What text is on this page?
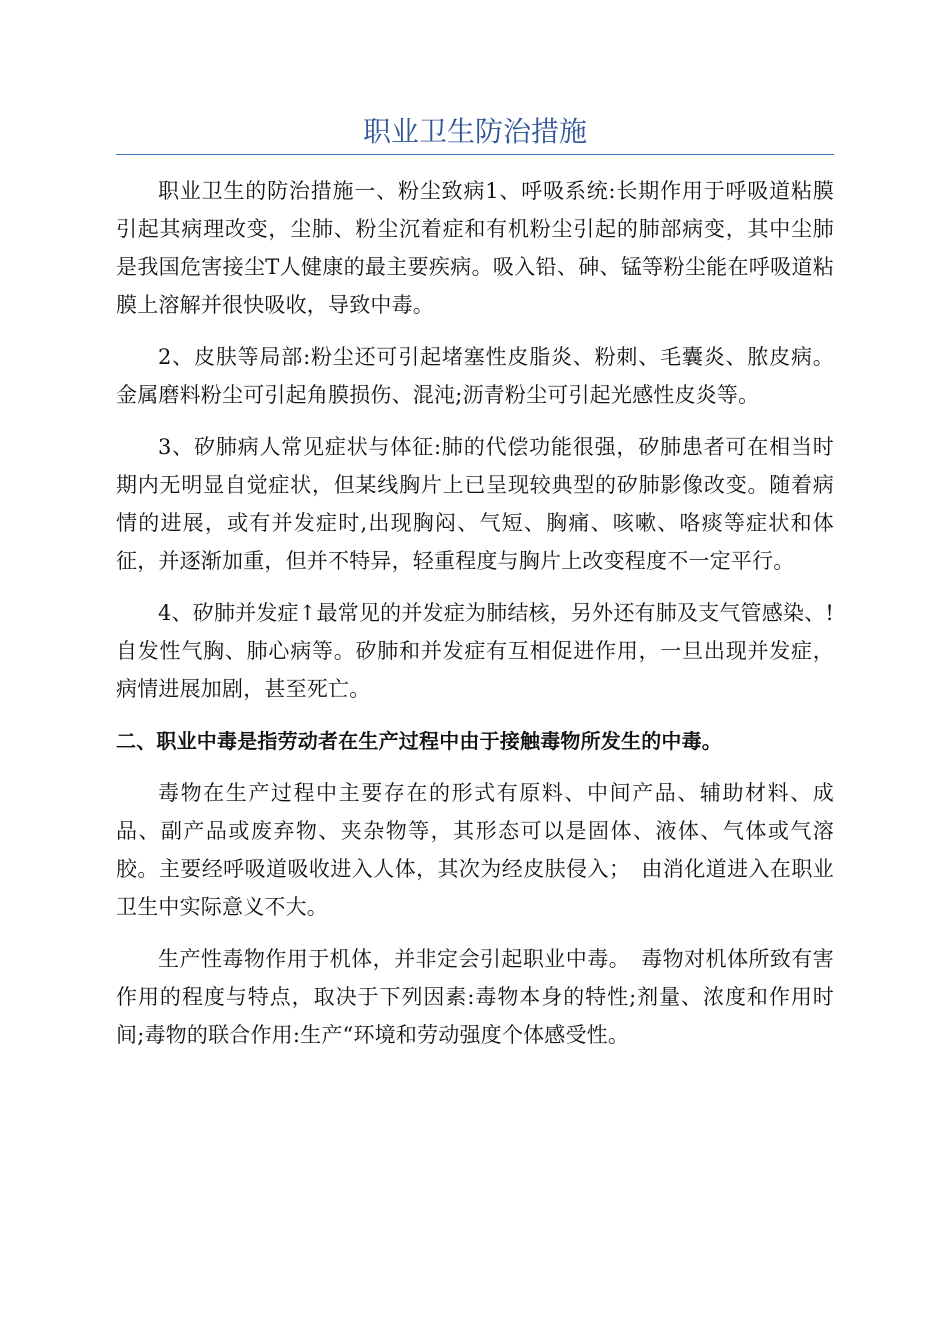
职业卫生防治措施

职业卫生的防治措施一、粉尘致病1、呼吸系统:长期作用于呼吸道粘膜引起其病理改变，尘肺、粉尘沉着症和有机粉尘引起的肺部病变，其中尘肺是我国危害接尘T人健康的最主要疾病。吸入铅、砷、锰等粉尘能在呼吸道粘膜上溶解并很快吸收，导致中毒。

2、皮肤等局部:粉尘还可引起堵塞性皮脂炎、粉刺、毛囊炎、脓皮病。金属磨料粉尘可引起角膜损伤、混沌;沥青粉尘可引起光感性皮炎等。

3、矽肺病人常见症状与体征:肺的代偿功能很强，矽肺患者可在相当时期内无明显自觉症状，但某线胸片上已呈现较典型的矽肺影像改变。随着病情的进展，或有并发症时,出现胸闷、气短、胸痛、咳嗽、咯痰等症状和体征，并逐渐加重，但并不特异，轻重程度与胸片上改变程度不一定平行。

4、矽肺并发症↑最常见的并发症为肺结核，另外还有肺及支气管感染、!自发性气胸、肺心病等。矽肺和并发症有互相促进作用，一旦出现并发症，病情进展加剧，甚至死亡。

二、职业中毒是指劳动者在生产过程中由于接触毒物所发生的中毒。

毒物在生产过程中主要存在的形式有原料、中间产品、辅助材料、成品、副产品或废弃物、夹杂物等，其形态可以是固体、液体、气体或气溶胶。主要经呼吸道吸收进入人体，其次为经皮肤侵入；　由消化道进入在职业卫生中实际意义不大。

生产性毒物作用于机体，并非定会引起职业中毒。　毒物对机体所致有害作用的程度与特点，取决于下列因素:毒物本身的特性;剂量、浓度和作用时间;毒物的联合作用:生产“环境和劳动强度个体感受性。
